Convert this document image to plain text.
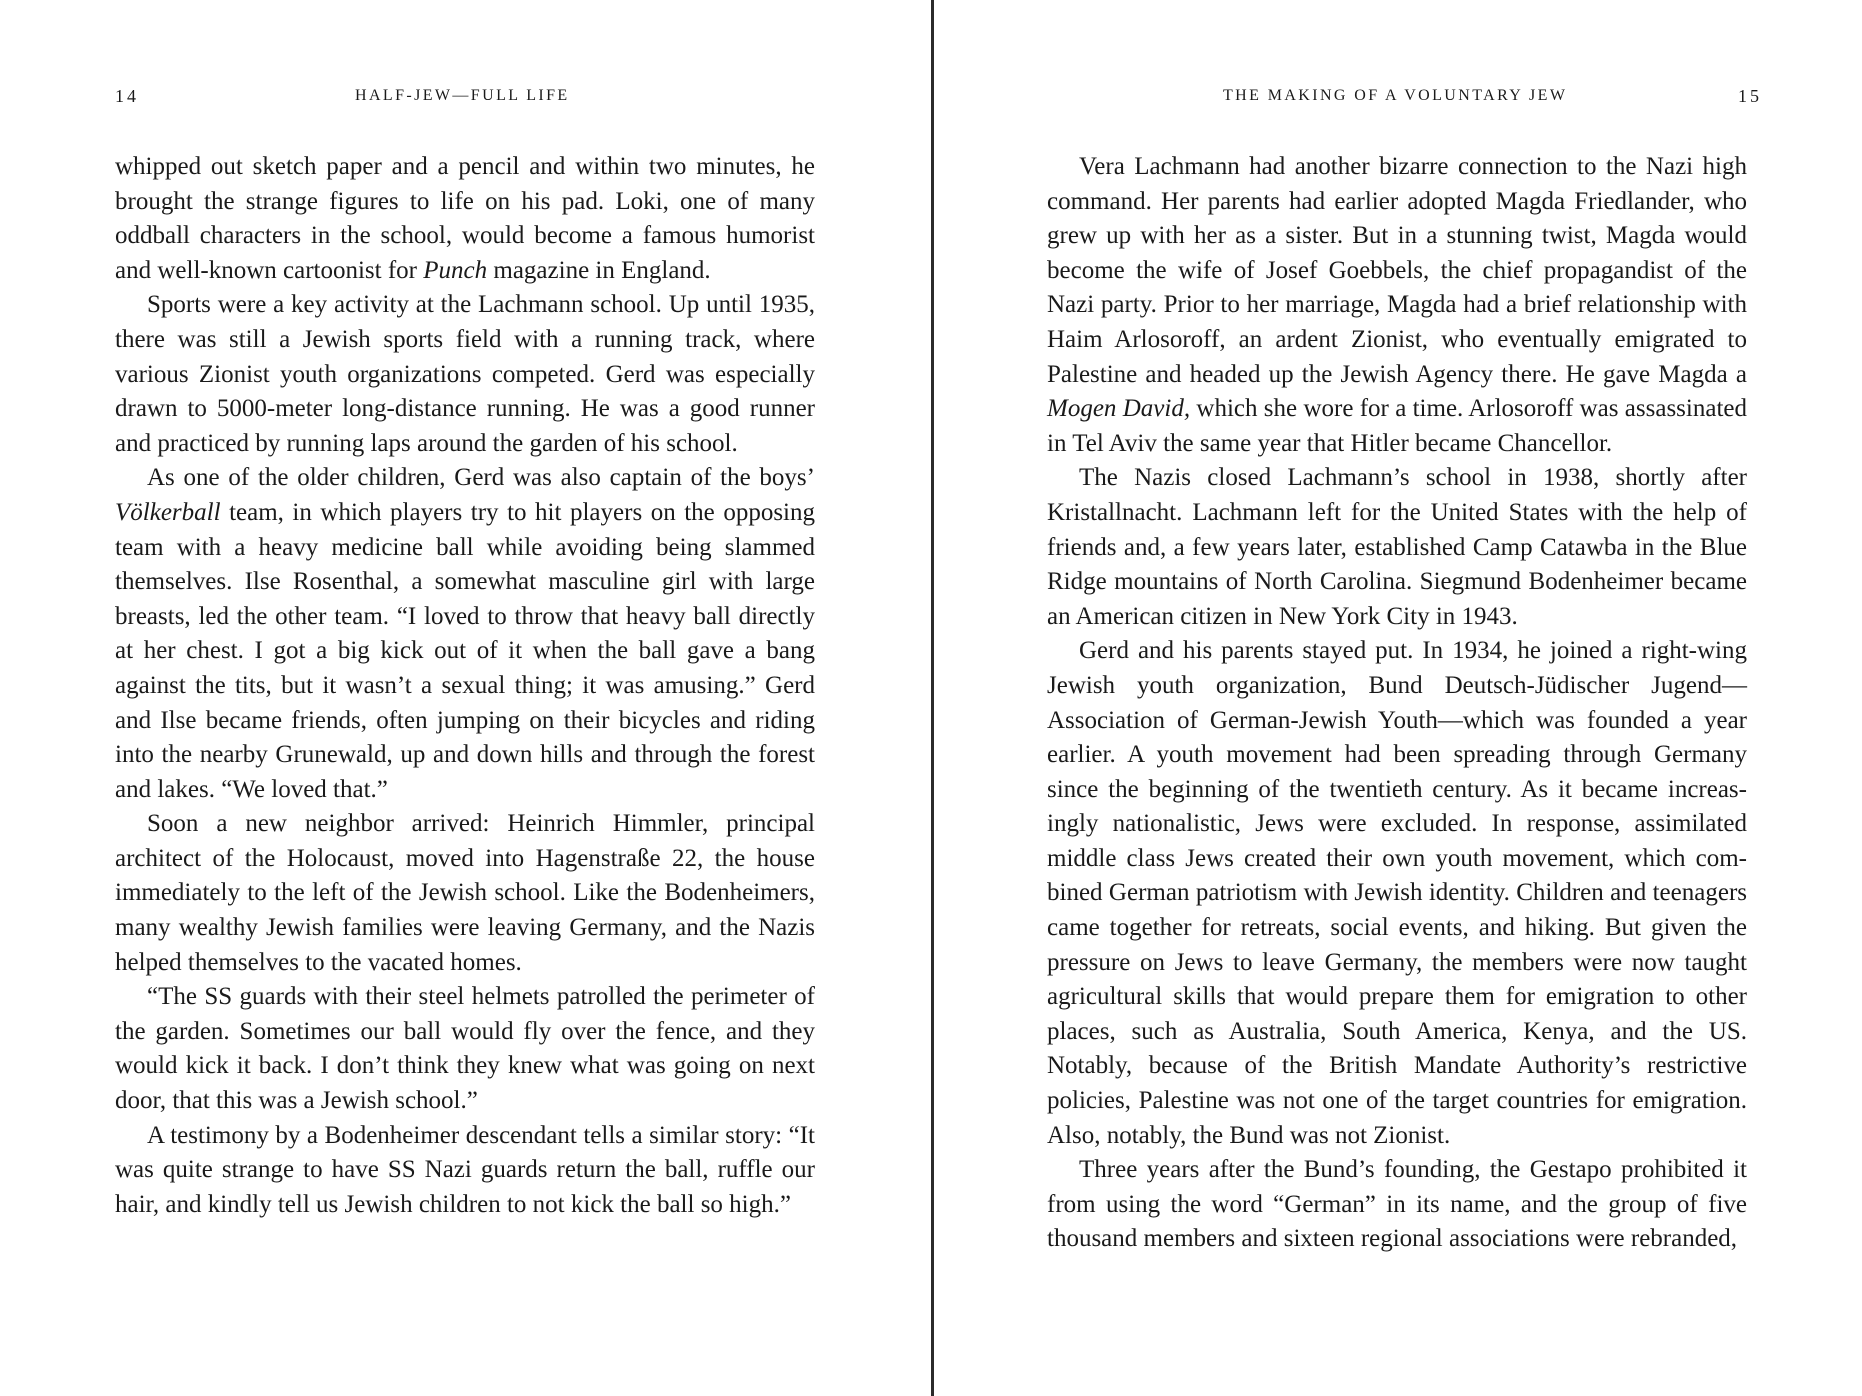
14	HALF-JEW—FULL LIFE

whipped out sketch paper and a pencil and within two minutes, he brought the strange figures to life on his pad. Loki, one of many oddball characters in the school, would become a famous humorist and well-known cartoonist for Punch magazine in England.

Sports were a key activity at the Lachmann school. Up until 1935, there was still a Jewish sports field with a running track, where various Zionist youth organizations competed. Gerd was especially drawn to 5000-meter long-distance running. He was a good runner and practiced by running laps around the garden of his school.

As one of the older children, Gerd was also captain of the boys’ Völkerball team, in which players try to hit players on the opposing team with a heavy medicine ball while avoiding being slammed themselves. Ilse Rosenthal, a somewhat masculine girl with large breasts, led the other team. “I loved to throw that heavy ball directly at her chest. I got a big kick out of it when the ball gave a bang against the tits, but it wasn’t a sexual thing; it was amusing.” Gerd and Ilse became friends, often jumping on their bicycles and riding into the nearby Grunewald, up and down hills and through the forest and lakes. “We loved that.”

Soon a new neighbor arrived: Heinrich Himmler, principal architect of the Holocaust, moved into Hagenstraße 22, the house immediately to the left of the Jewish school. Like the Bodenheimers, many wealthy Jewish families were leaving Germany, and the Nazis helped themselves to the vacated homes.

“The SS guards with their steel helmets patrolled the perimeter of the garden. Sometimes our ball would fly over the fence, and they would kick it back. I don’t think they knew what was going on next door, that this was a Jewish school.”

A testimony by a Bodenheimer descendant tells a similar story: “It was quite strange to have SS Nazi guards return the ball, ruffle our hair, and kindly tell us Jewish children to not kick the ball so high.”

THE MAKING OF A VOLUNTARY JEW	15

Vera Lachmann had another bizarre connection to the Nazi high command. Her parents had earlier adopted Magda Friedlander, who grew up with her as a sister. But in a stunning twist, Magda would become the wife of Josef Goebbels, the chief propagandist of the Nazi party. Prior to her marriage, Magda had a brief relationship with Haim Arlosoroff, an ardent Zionist, who eventually emigrated to Palestine and headed up the Jewish Agency there. He gave Magda a Mogen David, which she wore for a time. Arlosoroff was assassinated in Tel Aviv the same year that Hitler became Chancellor.

The Nazis closed Lachmann’s school in 1938, shortly after Kristallnacht. Lachmann left for the United States with the help of friends and, a few years later, established Camp Catawba in the Blue Ridge mountains of North Carolina. Siegmund Bodenheimer became an American citizen in New York City in 1943.

Gerd and his parents stayed put. In 1934, he joined a right-wing Jewish youth organization, Bund Deutsch-Jüdischer Jugend—Association of German-Jewish Youth—which was founded a year earlier. A youth movement had been spreading through Germany since the beginning of the twentieth century. As it became increasingly nationalistic, Jews were excluded. In response, assimilated middle class Jews created their own youth movement, which combined German patriotism with Jewish identity. Children and teenagers came together for retreats, social events, and hiking. But given the pressure on Jews to leave Germany, the members were now taught agricultural skills that would prepare them for emigration to other places, such as Australia, South America, Kenya, and the US. Notably, because of the British Mandate Authority’s restrictive policies, Palestine was not one of the target countries for emigration. Also, notably, the Bund was not Zionist.

Three years after the Bund’s founding, the Gestapo prohibited it from using the word “German” in its name, and the group of five thousand members and sixteen regional associations were rebranded,
